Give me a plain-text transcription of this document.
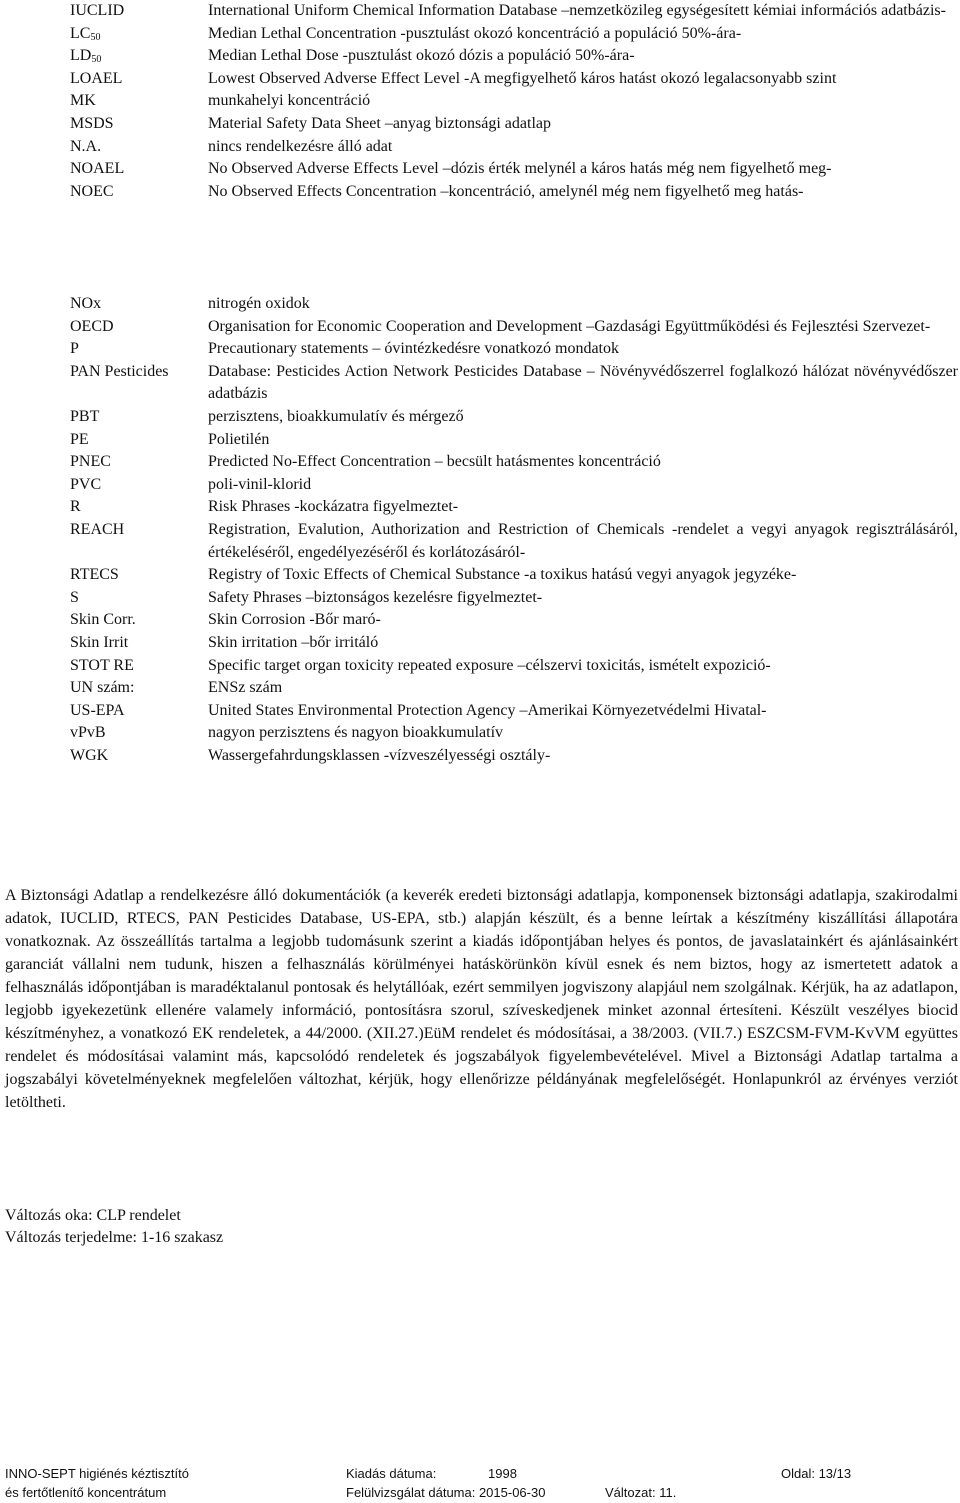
IUCLID	International Uniform Chemical Information Database –nemzetközileg egységesített kémiai információs adatbázis-
$LC_{50}$	Median Lethal Concentration -pusztulást okozó koncentráció a populáció 50%-ára-
$LD_{50}$	Median Lethal Dose -pusztulást okozó dózis a populáció 50%-ára-
LOAEL	Lowest Observed Adverse Effect Level -A megfigyelhető káros hatást okozó legalacsonyabb szint
MK	munkahelyi koncentráció
MSDS	Material Safety Data Sheet –anyag biztonsági adatlap
N.A.	nincs rendelkezésre álló adat
NOAEL	No Observed Adverse Effects Level –dózis érték melynél a káros hatás még nem figyelhető meg-
NOEC	No Observed Effects Concentration –koncentráció, amelynél még nem figyelhető meg hatás-
NOx	nitrogén oxidok
OECD	Organisation for Economic Cooperation and Development –Gazdasági Együttműködési és Fejlesztési Szervezet-
P	Precautionary statements – óvintézkedésre vonatkozó mondatok
PAN Pesticides	Database: Pesticides Action Network Pesticides Database – Növényvédőszerrel foglalkozó hálózat növényvédőszer adatbázis
PBT	perzisztens, bioakkumulatív és mérgező
PE	Polietilén
PNEC	Predicted No-Effect Concentration – becsült hatásmentes koncentráció
PVC	poli-vinil-klorid
R	Risk Phrases -kockázatra figyelmeztet-
REACH	Registration, Evalution, Authorization and Restriction of Chemicals -rendelet a vegyi anyagok regisztrálásáról, értékeléséről, engedélyezéséről és korlátozásáról-
RTECS	Registry of Toxic Effects of Chemical Substance -a toxikus hatású vegyi anyagok jegyzéke-
S	Safety Phrases –biztonságos kezelésre figyelmeztet-
Skin Corr.	Skin Corrosion -Bőr maró-
Skin Irrit	Skin irritation –bőr irritáló
STOT RE	Specific target organ toxicity repeated exposure –célszervi toxicitás, ismételt expozició-
UN szám:	ENSz szám
US-EPA	United States Environmental Protection Agency –Amerikai Környezetvédelmi Hivatal-
vPvB	nagyon perzisztens és nagyon bioakkumulatív
WGK	Wassergefahrdungsklassen -vízveszélyességi osztály-

A Biztonsági Adatlap a rendelkezésre álló dokumentációk (a keverék eredeti biztonsági adatlapja, komponensek biztonsági adatlapja, szakirodalmi adatok, IUCLID, RTECS, PAN Pesticides Database, US-EPA, stb.) alapján készült, és a benne leírtak a készítmény kiszállítási állapotára vonatkoznak. Az összeállítás tartalma a legjobb tudomásunk szerint a kiadás időpontjában helyes és pontos, de javaslatainkért és ajánlásainkért garanciát vállalni nem tudunk, hiszen a felhasználás körülményei hatáskörünkön kívül esnek és nem biztos, hogy az ismertetett adatok a felhasználás időpontjában is maradéktalanul pontosak és helytállóak, ezért semmilyen jogviszony alapjául nem szolgálnak. Kérjük, ha az adatlapon, legjobb igyekezetünk ellenére valamely információ, pontosításra szorul, szíveskedjenek minket azonnal értesíteni. Készült veszélyes biocid készítményhez, a vonatkozó EK rendeletek, a 44/2000. (XII.27.)EüM rendelet és módosításai, a 38/2003. (VII.7.) ESZCSM-FVM-KvVM együttes rendelet és módosításai valamint más, kapcsolódó rendeletek és jogszabályok figyelembevételével. Mivel a Biztonsági Adatlap tartalma a jogszabályi követelményeknek megfelelően változhat, kérjük, hogy ellenőrizze példányának megfelelőségét. Honlapunkról az érvényes verziót letöltheti.

Változás oka: CLP rendelet
Változás terjedelme: 1-16 szakasz
INNO-SEPT higiénés kéztisztító
és fertőtlenítő koncentrátum
Kiadás dátuma:	1998
Felülvizsgálat dátuma: 2015-06-30	Változat: 11.
Oldal: 13/13
